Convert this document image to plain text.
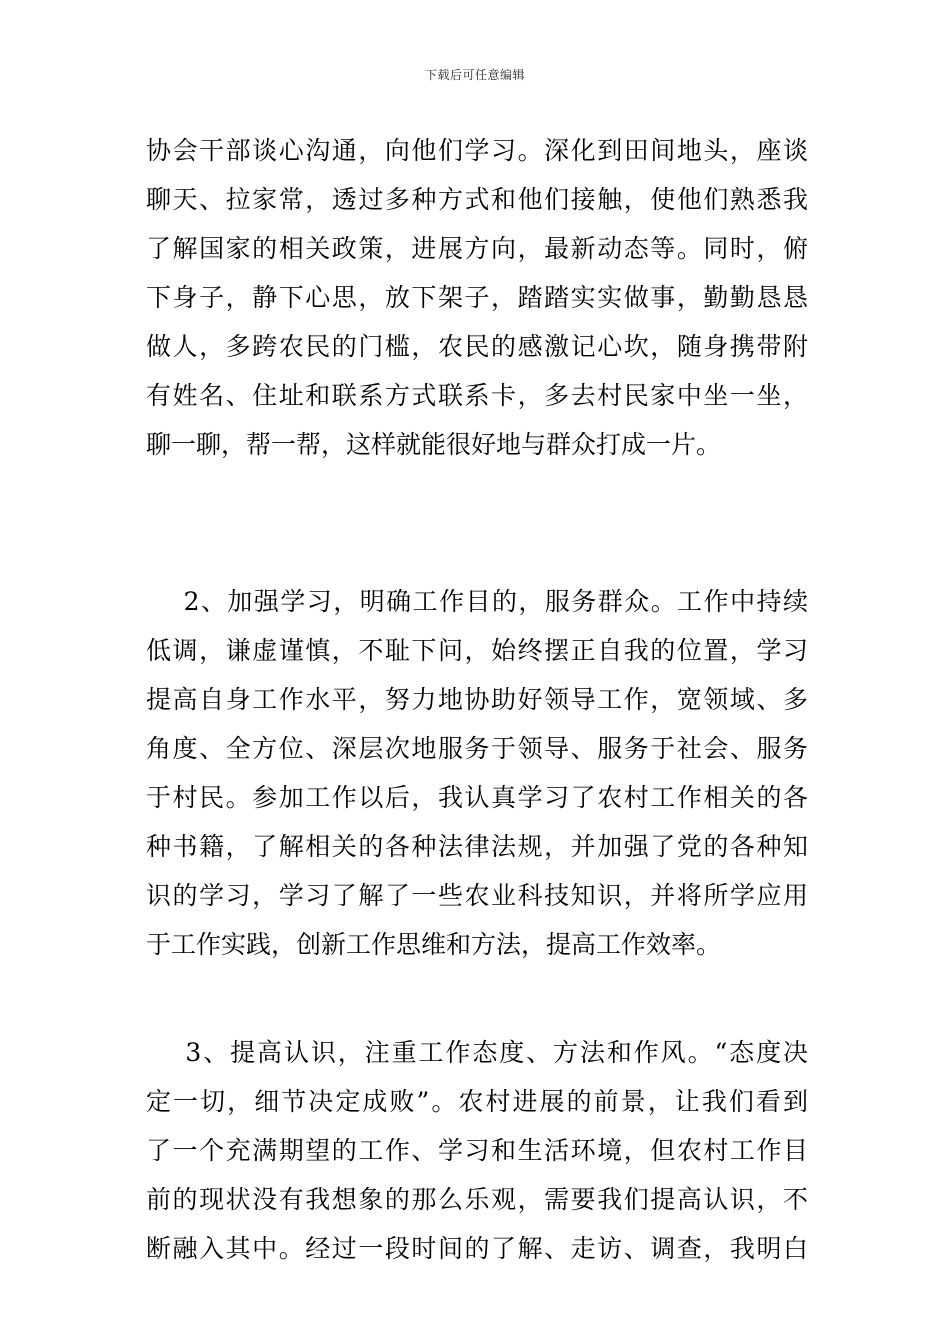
下载后可任意编辑
协会干部谈心沟通，向他们学习。深化到田间地头，座谈
聊天、拉家常，透过多种方式和他们接触，使他们熟悉我
了解国家的相关政策，进展方向，最新动态等。同时，俯
下身子，静下心思，放下架子，踏踏实实做事，勤勤恳恳
做人，多跨农民的门槛，农民的感激记心坎，随身携带附
有姓名、住址和联系方式联系卡，多去村民家中坐一坐，
聊一聊，帮一帮，这样就能很好地与群众打成一片。
2、加强学习，明确工作目的，服务群众。工作中持续
低调，谦虚谨慎，不耻下问，始终摆正自我的位置，学习
提高自身工作水平，努力地协助好领导工作，宽领域、多
角度、全方位、深层次地服务于领导、服务于社会、服务
于村民。参加工作以后，我认真学习了农村工作相关的各
种书籍，了解相关的各种法律法规，并加强了党的各种知
识的学习，学习了解了一些农业科技知识，并将所学应用
于工作实践，创新工作思维和方法，提高工作效率。
3、提高认识，注重工作态度、方法和作风。“态度决
定一切，细节决定成败”。农村进展的前景，让我们看到
了一个充满期望的工作、学习和生活环境，但农村工作目
前的现状没有我想象的那么乐观，需要我们提高认识，不
断融入其中。经过一段时间的了解、走访、调查，我明白
